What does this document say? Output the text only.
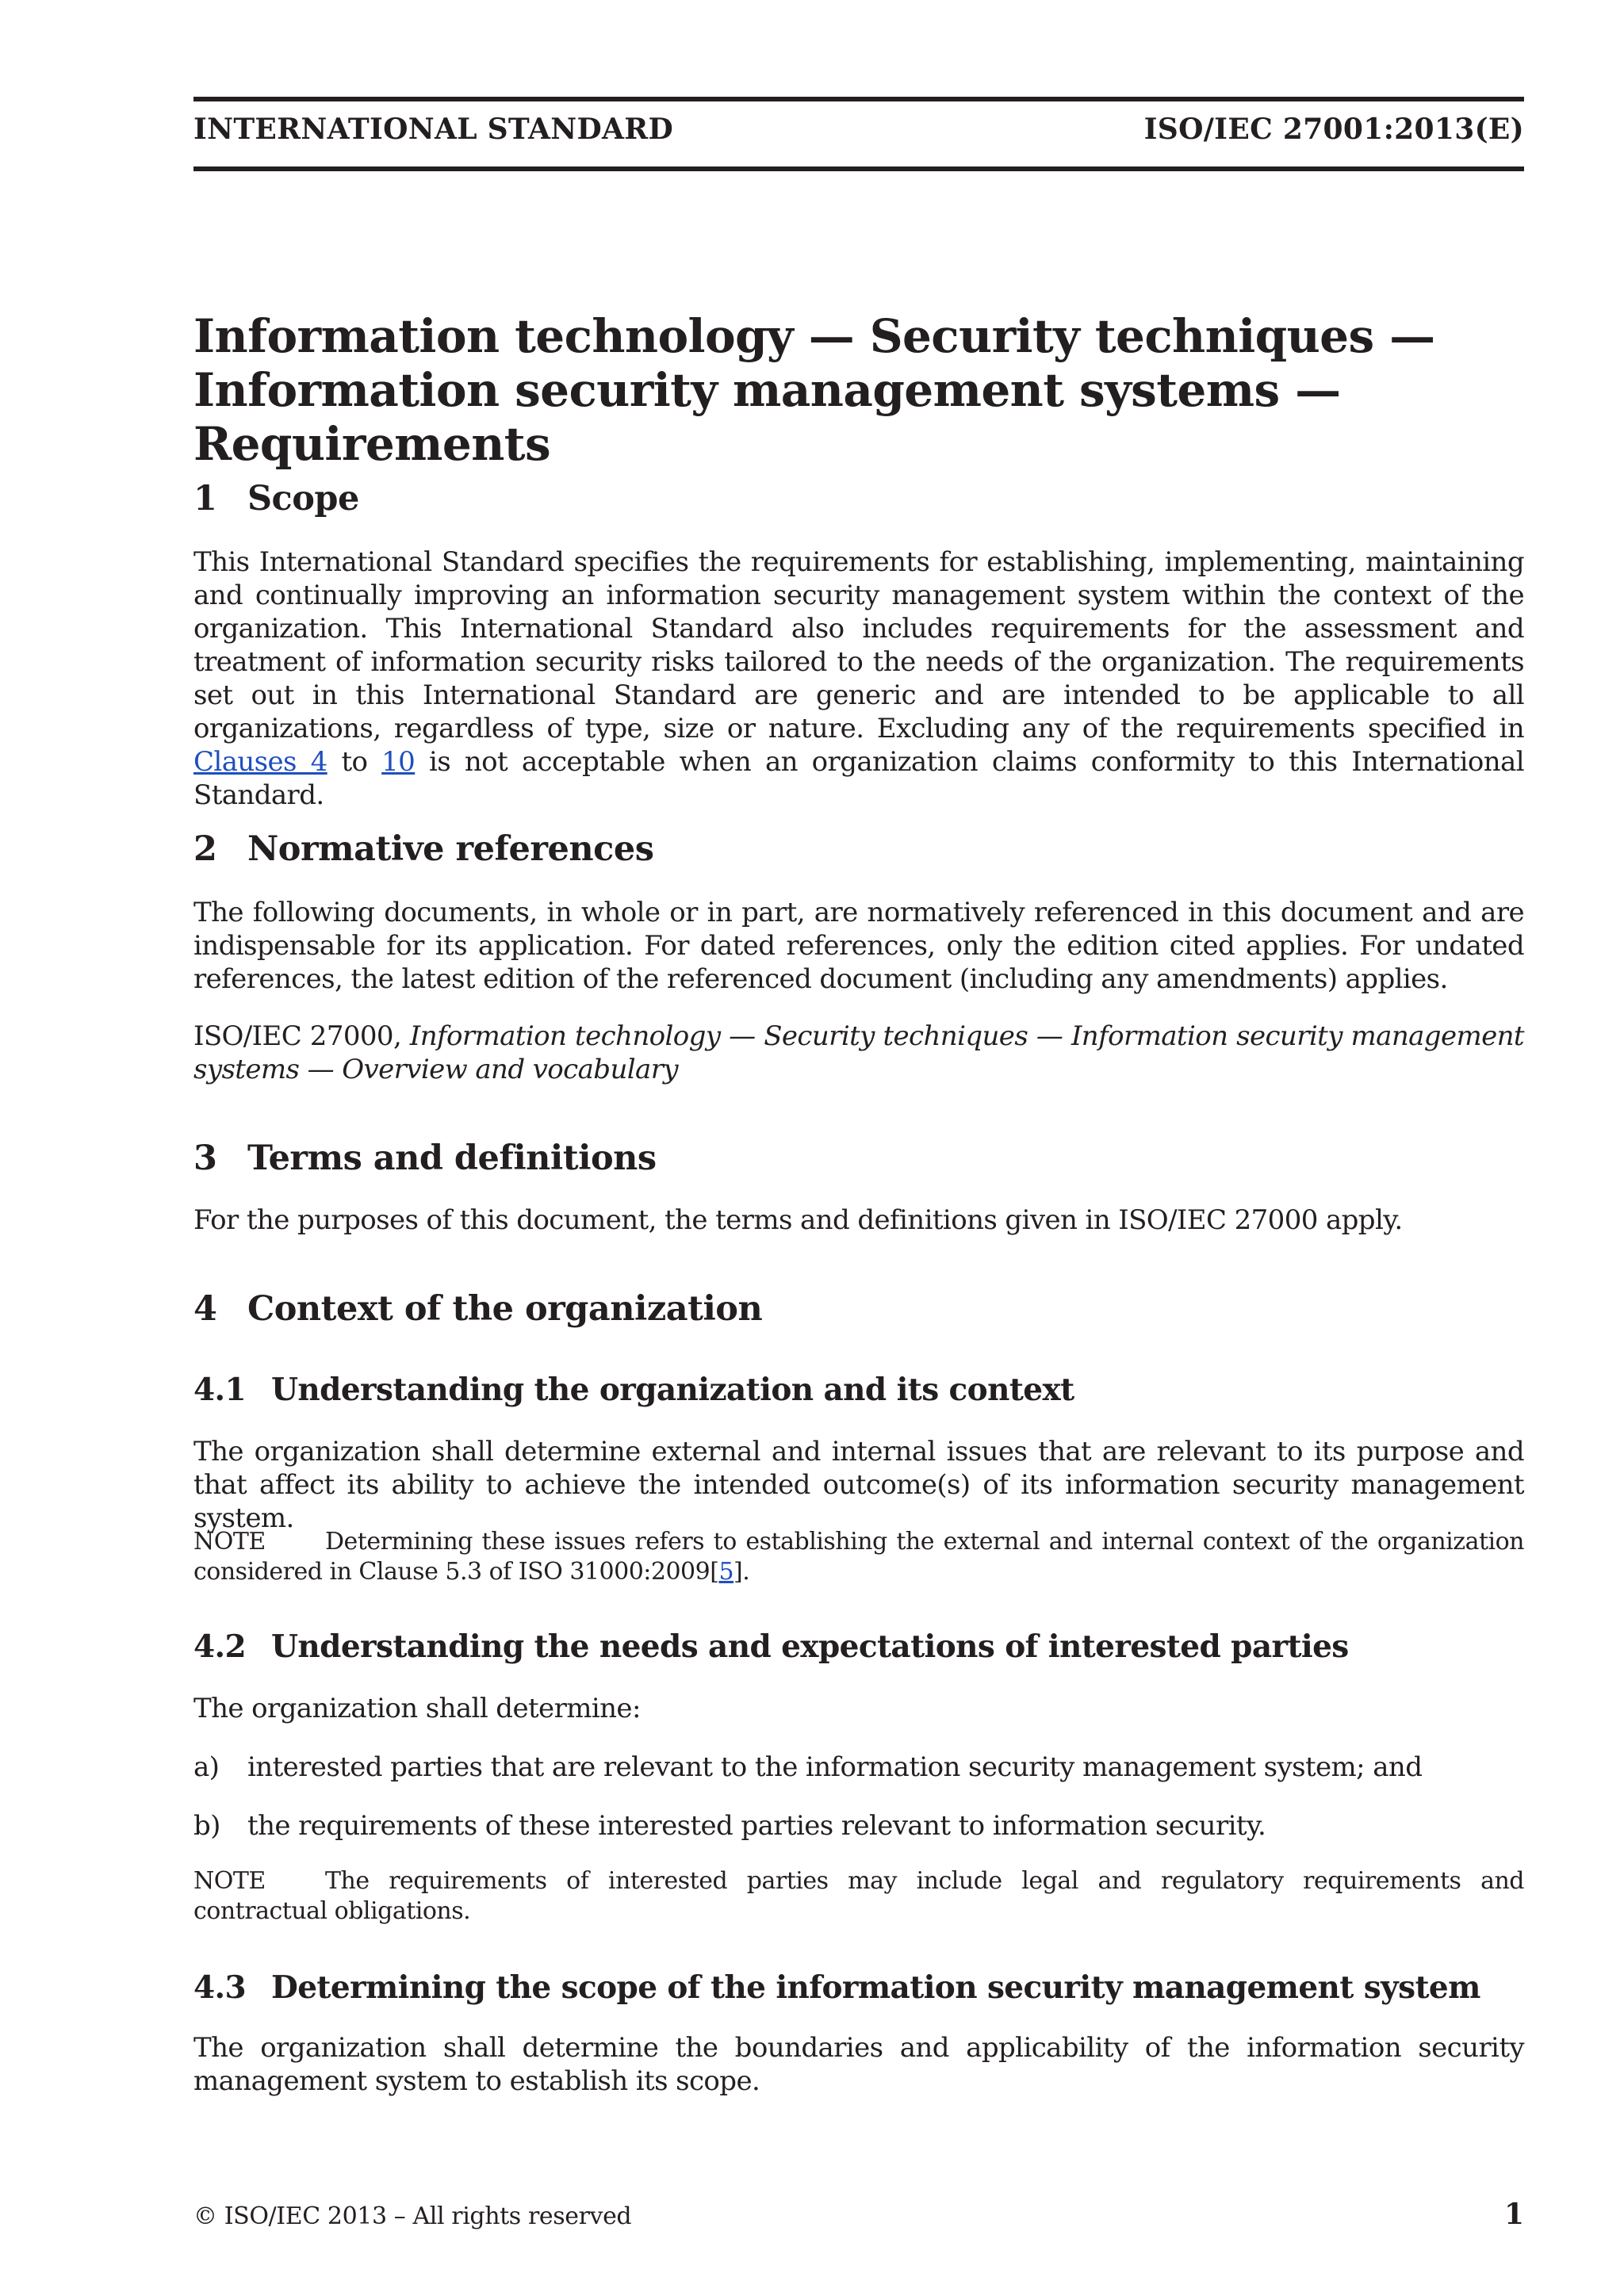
INTERNATIONAL STANDARD	ISO/IEC 27001:2013(E)
Information technology — Security techniques —
Information security management systems — Requirements
1 Scope
This International Standard specifies the requirements for establishing, implementing, maintaining and continually improving an information security management system within the context of the organization. This International Standard also includes requirements for the assessment and treatment of information security risks tailored to the needs of the organization. The requirements set out in this International Standard are generic and are intended to be applicable to all organizations, regardless of type, size or nature. Excluding any of the requirements specified in Clauses 4 to 10 is not acceptable when an organization claims conformity to this International Standard.
2 Normative references
The following documents, in whole or in part, are normatively referenced in this document and are indispensable for its application. For dated references, only the edition cited applies. For undated references, the latest edition of the referenced document (including any amendments) applies.
ISO/IEC 27000, Information technology — Security techniques — Information security management systems — Overview and vocabulary
3 Terms and definitions
For the purposes of this document, the terms and definitions given in ISO/IEC 27000 apply.
4 Context of the organization
4.1 Understanding the organization and its context
The organization shall determine external and internal issues that are relevant to its purpose and that affect its ability to achieve the intended outcome(s) of its information security management system.
NOTE	Determining these issues refers to establishing the external and internal context of the organization considered in Clause 5.3 of ISO 31000:2009[5].
4.2 Understanding the needs and expectations of interested parties
The organization shall determine:
a) interested parties that are relevant to the information security management system; and
b) the requirements of these interested parties relevant to information security.
NOTE	The requirements of interested parties may include legal and regulatory requirements and contractual obligations.
4.3 Determining the scope of the information security management system
The organization shall determine the boundaries and applicability of the information security management system to establish its scope.
© ISO/IEC 2013 – All rights reserved	1
